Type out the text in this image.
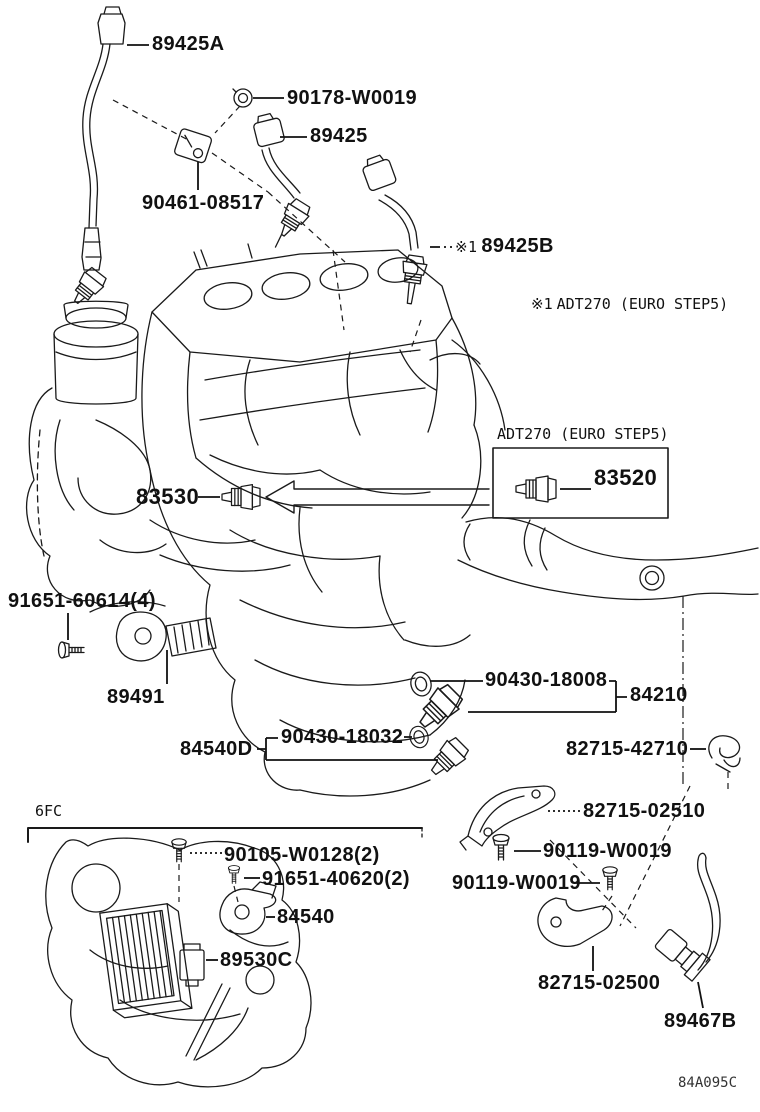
89425A
90178-W0019
89425
90461-08517
※1 89425B
※1 ADT270 (EURO STEP5)
ADT270 (EURO STEP5)
83520
83530
91651-60614(4)
89491
90430-18008
84210
84540D
90430-18032
82715-42710
82715-02510
90119-W0019
90119-W0019
82715-02500
89467B
90105-W0128(2)
91651-40620(2)
84540
89530C
6FC
84A095C
